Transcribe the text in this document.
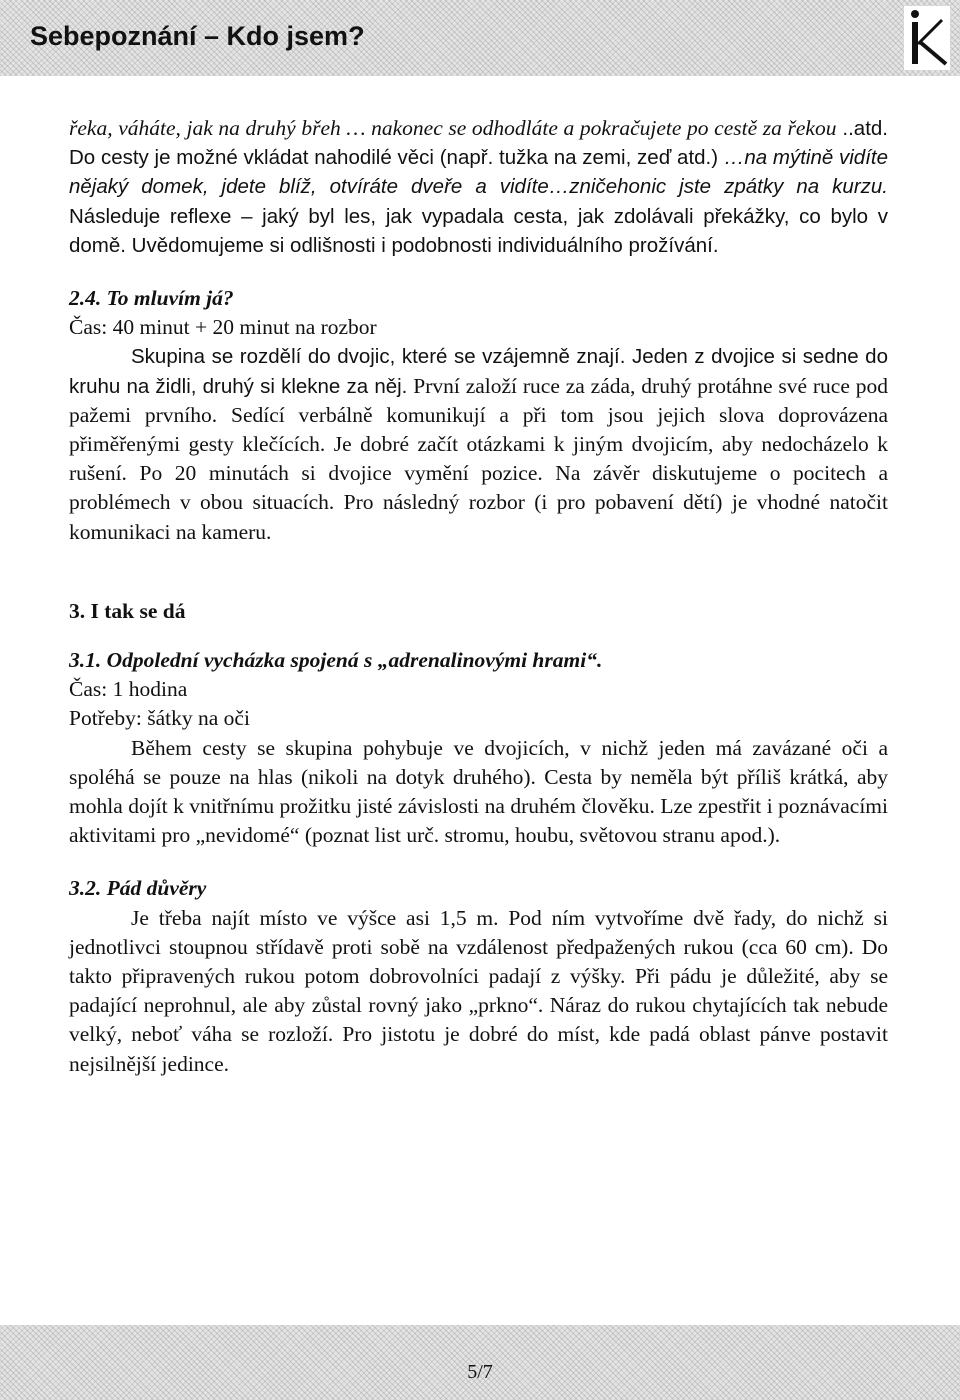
Sebepoznání – Kdo jsem?

řeka, váháte, jak na druhý břeh … nakonec se odhodláte a pokračujete po cestě za řekou ..atd. Do cesty je možné vkládat nahodilé věci (např. tužka na zemi, zeď atd.) …na mýtině vidíte nějaký domek, jdete blíž, otvíráte dveře a vidíte…zničehonic jste zpátky na kurzu. Následuje reflexe – jaký byl les, jak vypadala cesta, jak zdolávali překážky, co bylo v domě. Uvědomujeme si odlišnosti i podobnosti individuálního prožívání.

2.4. To mluvím já?

Čas: 40 minut + 20 minut na rozbor

Skupina se rozdělí do dvojic, které se vzájemně znají. Jeden z dvojice si sedne do kruhu na židli, druhý si klekne za něj. První založí ruce za záda, druhý protáhne své ruce pod pažemi prvního. Sedící verbálně komunikují a při tom jsou jejich slova doprovázena přiměřenými gesty klečících. Je dobré začít otázkami k jiným dvojicím, aby nedocházelo k rušení. Po 20 minutách si dvojice vymění pozice. Na závěr diskutujeme o pocitech a problémech v obou situacích. Pro následný rozbor (i pro pobavení dětí) je vhodné natočit komunikaci na kameru.

3. I tak se dá
3.1. Odpolední vycházka spojená s „adrenalinovými hrami“.

Čas: 1 hodina

Potřeby: šátky na oči

Během cesty se skupina pohybuje ve dvojicích, v nichž jeden má zavázané oči a spoléhá se pouze na hlas (nikoli na dotyk druhého). Cesta by neměla být příliš krátká, aby mohla dojít k vnitřnímu prožitku jisté závislosti na druhém člověku. Lze zpestřit i poznávacími aktivitami pro „nevidomé“ (poznat list urč. stromu, houbu, světovou stranu apod.).

3.2. Pád důvěry

Je třeba najít místo ve výšce asi 1,5 m. Pod ním vytvoříme dvě řady, do nichž si jednotlivci stoupnou střídavě proti sobě na vzdálenost předpažených rukou (cca 60 cm). Do takto připravených rukou potom dobrovolníci padají z výšky. Při pádu je důležité, aby se padající neprohnul, ale aby zůstal rovný jako „prkno“. Náraz do rukou chytajících tak nebude velký, neboť váha se rozloží. Pro jistotu je dobré do míst, kde padá oblast pánve postavit nejsilnější jedince.

5/7
